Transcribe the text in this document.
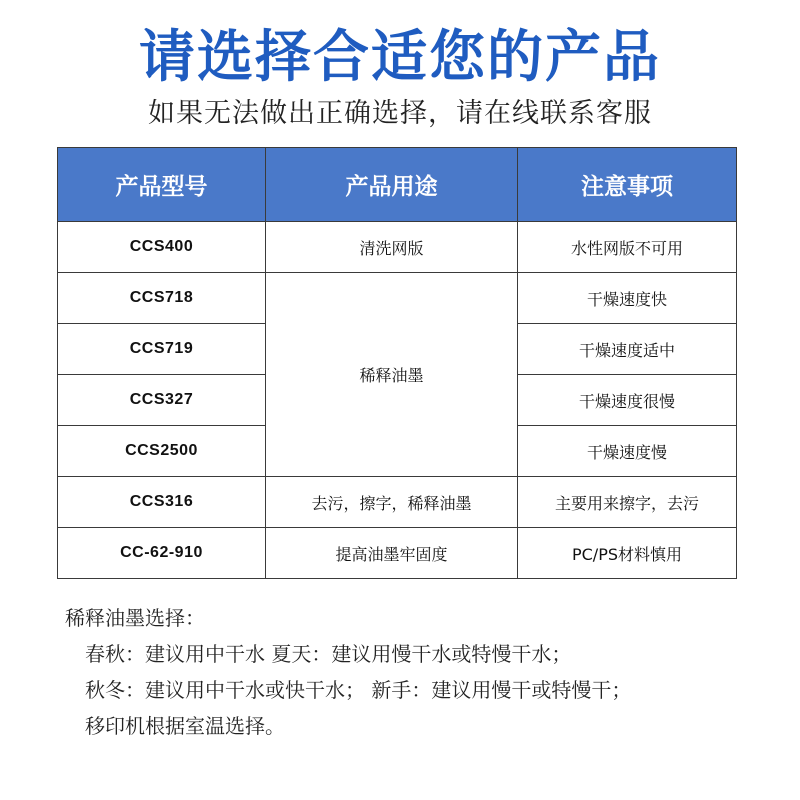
请选择合适您的产品
如果无法做出正确选择，请在线联系客服
产品型号	产品用途	注意事项
CCS400	清洗网版	水性网版不可用
CCS718	稀释油墨	干燥速度快
CCS719		干燥速度适中
CCS327		干燥速度很慢
CCS2500		干燥速度慢
CCS316	去污，擦字，稀释油墨	主要用来擦字，去污
CC-62-910	提高油墨牢固度	PC/PS材料慎用
稀释油墨选择：
春秋：建议用中干水 夏天：建议用慢干水或特慢干水；
秋冬：建议用中干水或快干水； 新手：建议用慢干或特慢干；
移印机根据室温选择。
